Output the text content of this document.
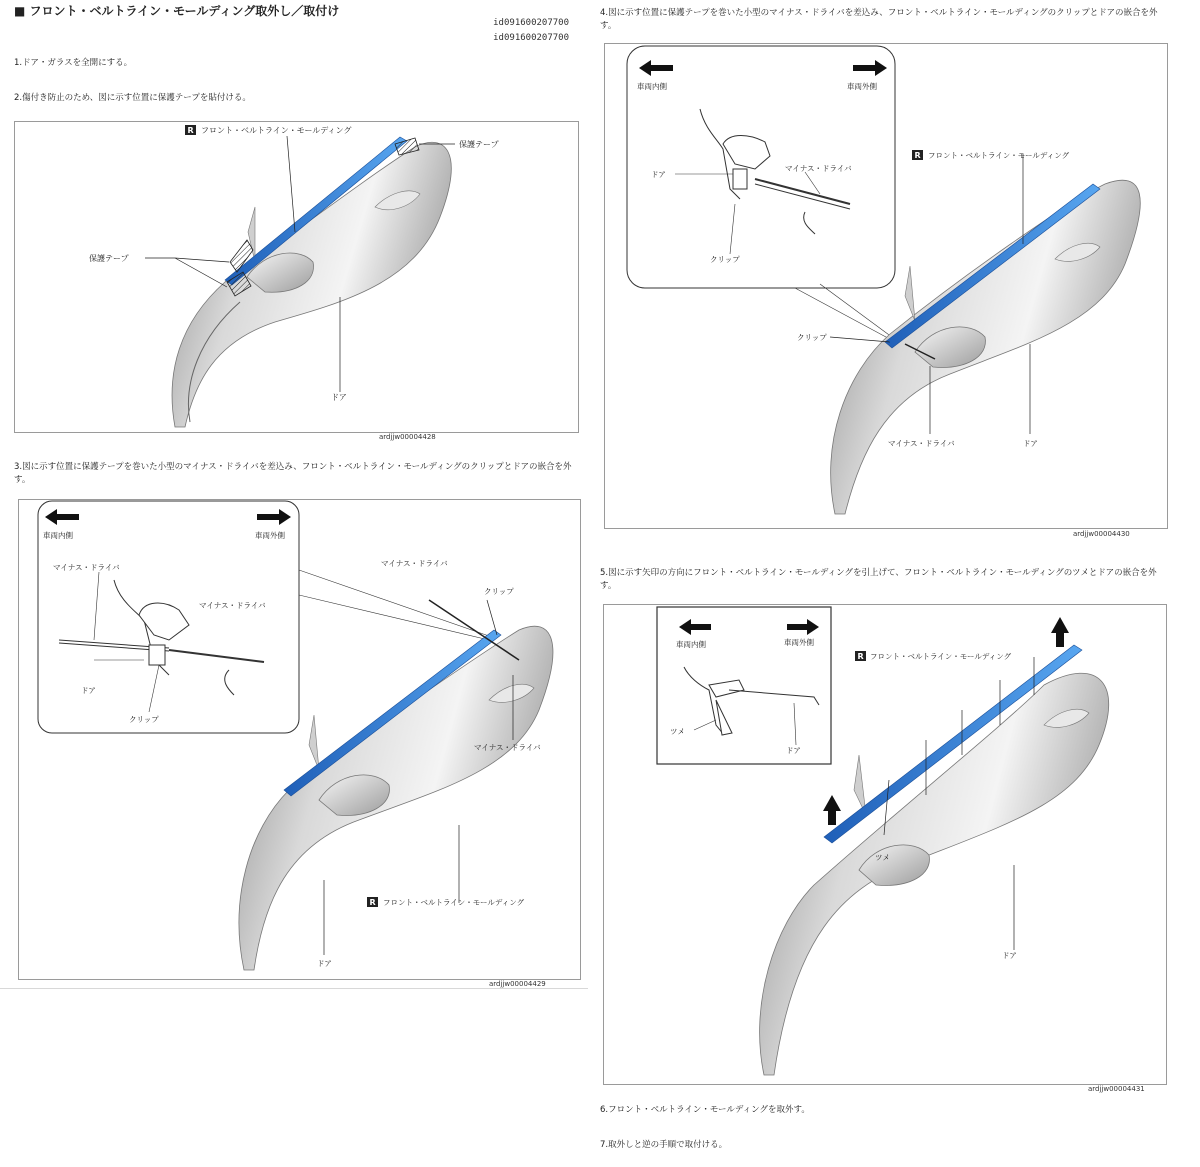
■ フロント・ベルトライン・モールディング取外し／取付け
id091600207700
id091600207700
1.ドア・ガラスを全開にする。
2.傷付き防止のため、図に示す位置に保護テープを貼付ける。
R フロント・ベルトライン・モールディング
保護テープ
保護テープ
ドア
ardjjw00004428
3.図に示す位置に保護テープを巻いた小型のマイナス・ドライバを差込み、フロント・ベルトライン・モールディングのクリップとドアの嵌合を外す。
車両内側	車両外側
マイナス・ドライバ
マイナス・ドライバ
ドア
クリップ
マイナス・ドライバ
クリップ
マイナス・ドライバ
R フロント・ベルトライン・モールディング
ドア
ardjjw00004429
4.図に示す位置に保護テープを巻いた小型のマイナス・ドライバを差込み、フロント・ベルトライン・モールディングのクリップとドアの嵌合を外す。
車両内側	車両外側
ドア
マイナス・ドライバ
クリップ
R フロント・ベルトライン・モールディング
クリップ
マイナス・ドライバ	ドア
ardjjw00004430
5.図に示す矢印の方向にフロント・ベルトライン・モールディングを引上げて、フロント・ベルトライン・モールディングのツメとドアの嵌合を外す。
車両内側	車両外側
ツメ
ドア
R フロント・ベルトライン・モールディング
ツメ
ドア
ardjjw00004431
6.フロント・ベルトライン・モールディングを取外す。
7.取外しと逆の手順で取付ける。
